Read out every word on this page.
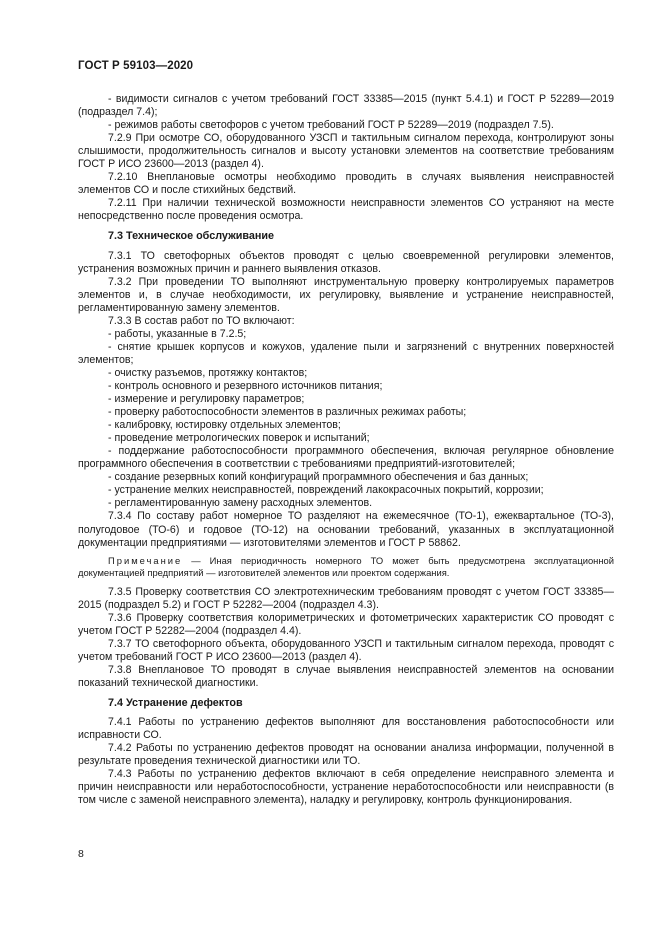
ГОСТ Р 59103—2020

- видимости сигналов с учетом требований ГОСТ 33385—2015 (пункт 5.4.1) и ГОСТ Р 52289—2019 (подраздел 7.4);

- режимов работы светофоров с учетом требований ГОСТ Р 52289—2019 (подраздел 7.5).

7.2.9 При осмотре СО, оборудованного УЗСП и тактильным сигналом перехода, контролируют зоны слышимости, продолжительность сигналов и высоту установки элементов на соответствие требованиям ГОСТ Р ИСО 23600—2013 (раздел 4).

7.2.10 Внеплановые осмотры необходимо проводить в случаях выявления неисправностей элементов СО и после стихийных бедствий.

7.2.11 При наличии технической возможности неисправности элементов СО устраняют на месте непосредственно после проведения осмотра.

7.3 Техническое обслуживание

7.3.1 ТО светофорных объектов проводят с целью своевременной регулировки элементов, устранения возможных причин и раннего выявления отказов.

7.3.2 При проведении ТО выполняют инструментальную проверку контролируемых параметров элементов и, в случае необходимости, их регулировку, выявление и устранение неисправностей, регламентированную замену элементов.

7.3.3 В состав работ по ТО включают:

- работы, указанные в 7.2.5;

- снятие крышек корпусов и кожухов, удаление пыли и загрязнений с внутренних поверхностей элементов;

- очистку разъемов, протяжку контактов;

- контроль основного и резервного источников питания;

- измерение и регулировку параметров;

- проверку работоспособности элементов в различных режимах работы;

- калибровку, юстировку отдельных элементов;

- проведение метрологических поверок и испытаний;

- поддержание работоспособности программного обеспечения, включая регулярное обновление программного обеспечения в соответствии с требованиями предприятий-изготовителей;

- создание резервных копий конфигураций программного обеспечения и баз данных;

- устранение мелких неисправностей, повреждений лакокрасочных покрытий, коррозии;

- регламентированную замену расходных элементов.

7.3.4 По составу работ номерное ТО разделяют на ежемесячное (ТО-1), ежеквартальное (ТО-3), полугодовое (ТО-6) и годовое (ТО-12) на основании требований, указанных в эксплуатационной документации предприятиями — изготовителями элементов и ГОСТ Р 58862.

Примечание — Иная периодичность номерного ТО может быть предусмотрена эксплуатационной документацией предприятий — изготовителей элементов или проектом содержания.

7.3.5 Проверку соответствия СО электротехническим требованиям проводят с учетом ГОСТ 33385—2015 (подраздел 5.2) и ГОСТ Р 52282—2004 (подраздел 4.3).

7.3.6 Проверку соответствия колориметрических и фотометрических характеристик СО проводят с учетом ГОСТ Р 52282—2004 (подраздел 4.4).

7.3.7 ТО светофорного объекта, оборудованного УЗСП и тактильным сигналом перехода, проводят с учетом требований ГОСТ Р ИСО 23600—2013 (раздел 4).

7.3.8 Внеплановое ТО проводят в случае выявления неисправностей элементов на основании показаний технической диагностики.

7.4 Устранение дефектов

7.4.1 Работы по устранению дефектов выполняют для восстановления работоспособности или исправности СО.

7.4.2 Работы по устранению дефектов проводят на основании анализа информации, полученной в результате проведения технической диагностики или ТО.

7.4.3 Работы по устранению дефектов включают в себя определение неисправного элемента и причин неисправности или неработоспособности, устранение неработоспособности или неисправности (в том числе с заменой неисправного элемента), наладку и регулировку, контроль функционирования.

8
